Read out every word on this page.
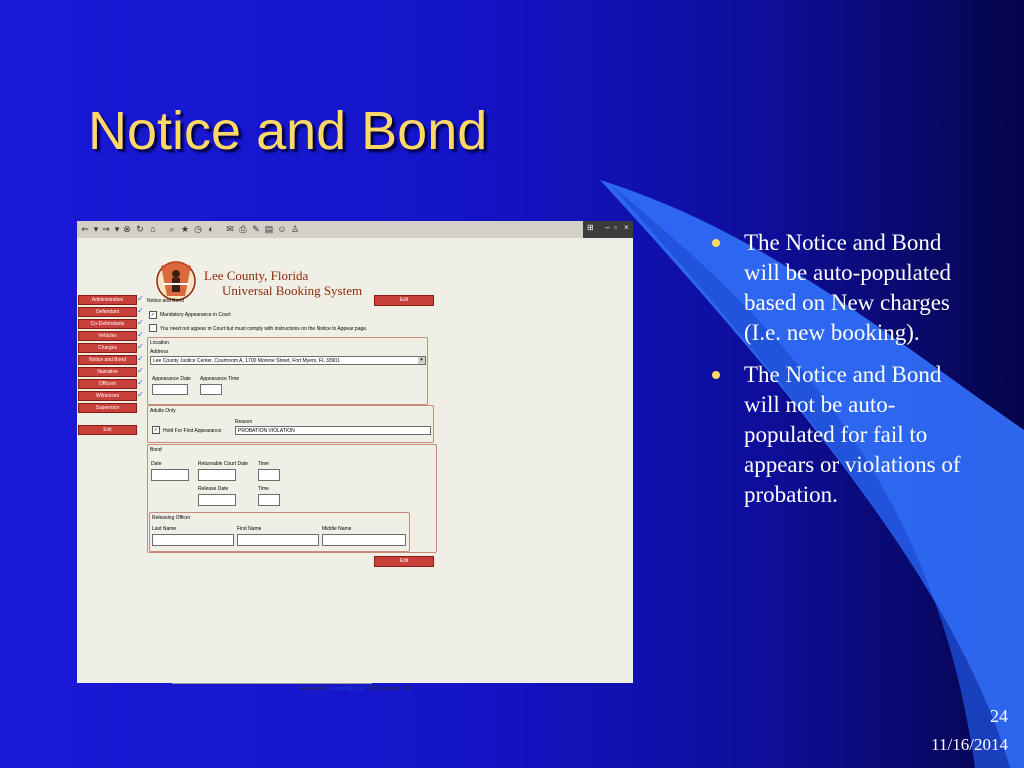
Notice and Bond
The Notice and Bond will be auto-populated based on New charges (I.e. new booking).
The Notice and Bond will not be auto-populated for fail to appears or violations of probation.
24
11/16/2014
⇐ ▾ ⇒ ▾ ⊗ ↻ ⌂ ⌕ ★ ◷ ◐ ✉ ⎙ ✎ ▤ ☺ ♙	⊞ – ▫ ×
Lee County, Florida
Universal Booking System
Administrative	✓
Defendant	✓
Co-Defendants	✓
Vehicles	✓
Charges	✓
Notice and Bond	✓
Narrative	✓
Officers	✓
Witnesses	✓
Supervisor
Exit
Notice and Bond	Edit
✓ Mandatory Appearance in Court
You need not appear in Court but must comply with instructions on the Notice to Appear page.
Location
Address
Lee County Justice Center, Courtroom A, 1700 Monroe Street, Fort Myers, FL 33901	▾
Appearance Date Appearance Time
Adults Only
✓ Hold For First Appearance
Reason
PROBATION VIOLATION
Bond
Date	Returnable Court Date Time
Release Date	Time
Releasing Officer
Last Name	First Name	Middle Name
Edit
Developed by VisionTEK, Inc. ©2002 Version: 0.06
